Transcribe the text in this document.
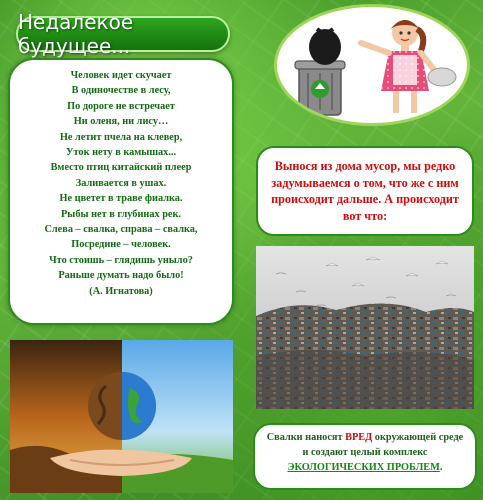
Недалекое будущее...
Человек идет скучает
В одиночестве в лесу,
По дороге не встречает
Ни оленя, ни лису…
Не летит пчела на клевер,
Уток нету в камышах...
Вместо птиц китайский плеер
Заливается в ушах.
Не цветет в траве фиалка.
Рыбы нет в глубинах рек.
Слева – свалка, справа – свалка,
Посредине – человек.
Что стоишь – глядишь уныло?
Раньше думать надо было!
(А. Игнатова)
Вынося из дома мусор, мы редко задумываемся о том, что же с ним происходит дальше. А происходит вот что:
Свалки наносят ВРЕД окружающей среде и создают целый комплекс ЭКОЛОГИЧЕСКИХ ПРОБЛЕМ.
